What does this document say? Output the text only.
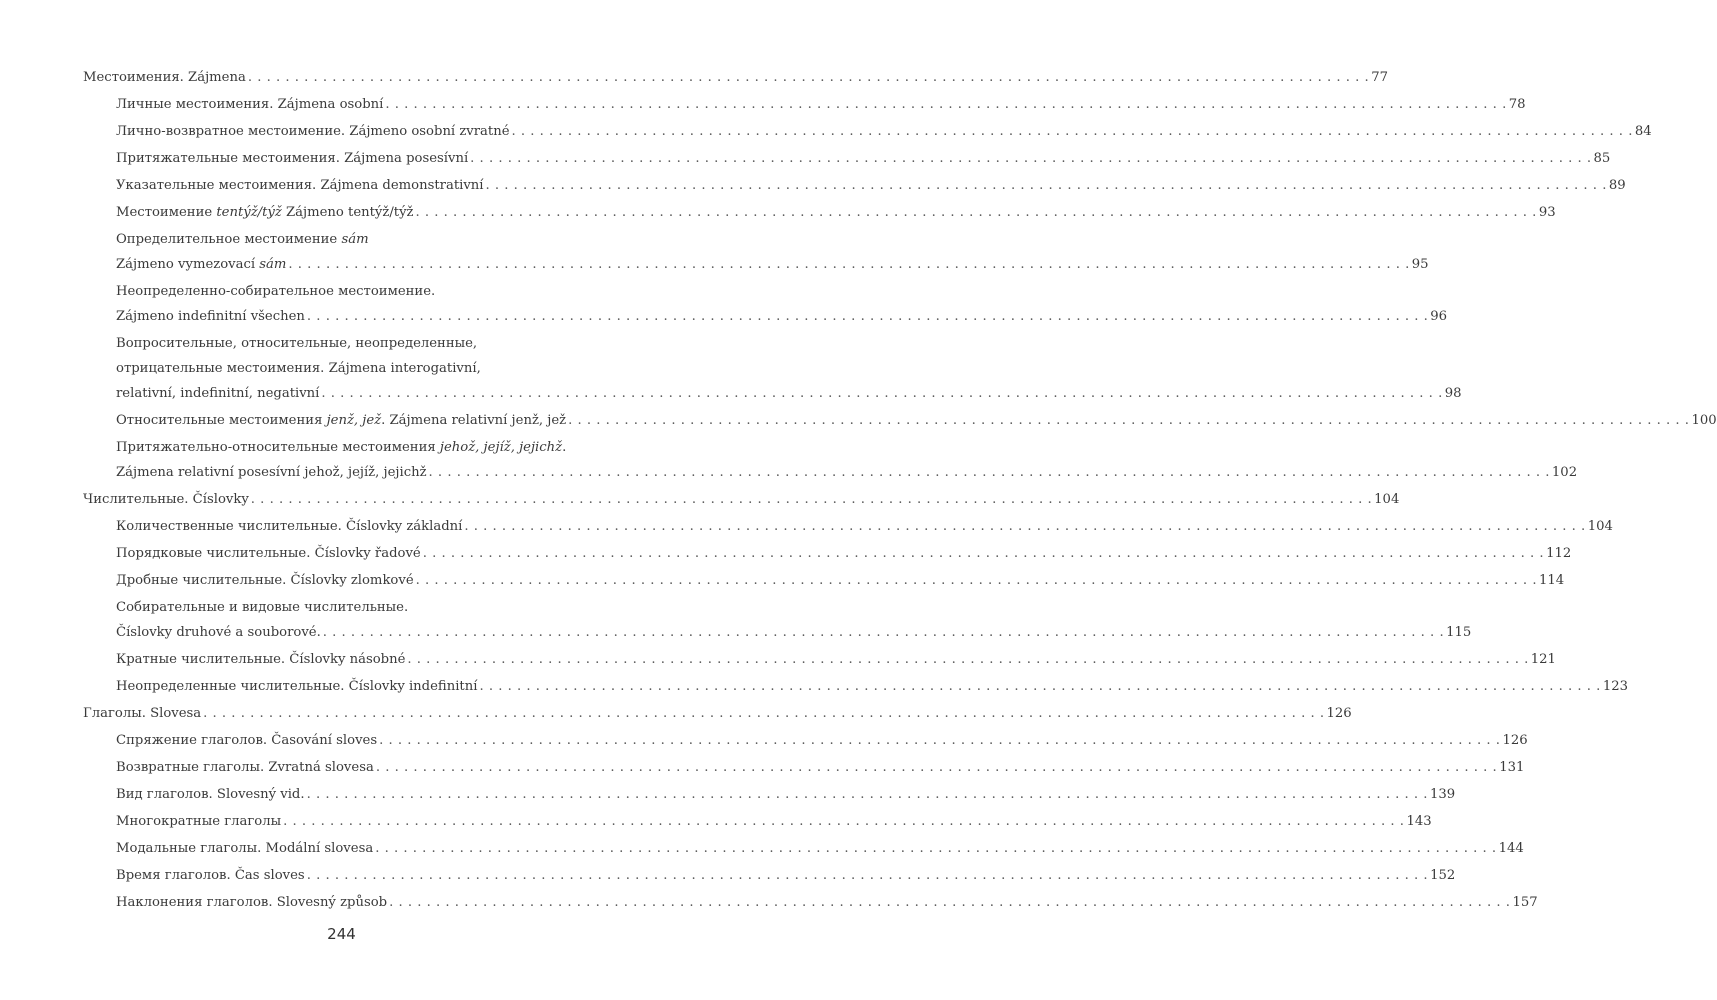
Местоимения. Zájmena . . . . . . . . . . . . . . . . . . . . . . . . . . . . . . . . . . . . . . . . . . . . . . . . . . . . . . . . . . . . . . . . . . . . . . . . . . . . . . . . . . . . . . . . . . . . . . . . . . . . . . . . . . . . . . . . . . . . . . . . 77
Личные местоимения. Zájmena osobní . . . . . . . . . . . . . . . . . . . . . . . . . . . . . . . . . . . . . . . . . . . . . . . . . . . . . . . . . . . . . . . . . . . . . . . . . . . . . . . . . . . . . . . . . . . . . . . . . . . . . . . . . . . . . . . . . . . . . . . . 78
Лично-возвратное местоимение. Zájmeno osobní zvratné . . . . . . . . . . . . . . . . . . . . . . . . . . . . . . . . . . . . . . . . . . . . . . . . . . . . . . . . . . . . . . . . . . . . . . . . . . . . . . . . . . . . . . . . . . . . . . . . . . . . . . . . . . . . . . . . . . . . . . . . 84
Притяжательные местоимения. Zájmena posesívní . . . . . . . . . . . . . . . . . . . . . . . . . . . . . . . . . . . . . . . . . . . . . . . . . . . . . . . . . . . . . . . . . . . . . . . . . . . . . . . . . . . . . . . . . . . . . . . . . . . . . . . . . . . . . . . . . . . . . . . . 85
Указательные местоимения. Zájmena demonstrativní . . . . . . . . . . . . . . . . . . . . . . . . . . . . . . . . . . . . . . . . . . . . . . . . . . . . . . . . . . . . . . . . . . . . . . . . . . . . . . . . . . . . . . . . . . . . . . . . . . . . . . . . . . . . . . . . . . . . . . . . 89
Местоимение tentýž/týž Zájmeno tentýž/týž . . . . . . . . . . . . . . . . . . . . . . . . . . . . . . . . . . . . . . . . . . . . . . . . . . . . . . . . . . . . . . . . . . . . . . . . . . . . . . . . . . . . . . . . . . . . . . . . . . . . . . . . . . . . . . . . . . . . . . . . 93
Определительное местоимение sám
Zájmeno vymezovací sám . . . . . . . . . . . . . . . . . . . . . . . . . . . . . . . . . . . . . . . . . . . . . . . . . . . . . . . . . . . . . . . . . . . . . . . . . . . . . . . . . . . . . . . . . . . . . . . . . . . . . . . . . . . . . . . . . . . . . . . . 95
Неопределенно-собирательное местоимение.
Zájmeno indefinitní všechen . . . . . . . . . . . . . . . . . . . . . . . . . . . . . . . . . . . . . . . . . . . . . . . . . . . . . . . . . . . . . . . . . . . . . . . . . . . . . . . . . . . . . . . . . . . . . . . . . . . . . . . . . . . . . . . . . . . . . . . . 96
Вопросительные, относительные, неопределенные,
отрицательные местоимения. Zájmena interogativní,
relativní, indefinitní, negativní . . . . . . . . . . . . . . . . . . . . . . . . . . . . . . . . . . . . . . . . . . . . . . . . . . . . . . . . . . . . . . . . . . . . . . . . . . . . . . . . . . . . . . . . . . . . . . . . . . . . . . . . . . . . . . . . . . . . . . . . 98
Относительные местоимения jenž, jež. Zájmena relativní jenž, jež . . . . . . . . . . . . . . . . . . . . . . . . . . . . . . . . . . . . . . . . . . . . . . . . . . . . . . . . . . . . . . . . . . . . . . . . . . . . . . . . . . . . . . . . . . . . . . . . . . . . . . . . . . . . . . . . . . . . . . . . 100
Притяжательно-относительные местоимения jehož, jejíž, jejichž.
Zájmena relativní posesívní jehož, jejíž, jejichž . . . . . . . . . . . . . . . . . . . . . . . . . . . . . . . . . . . . . . . . . . . . . . . . . . . . . . . . . . . . . . . . . . . . . . . . . . . . . . . . . . . . . . . . . . . . . . . . . . . . . . . . . . . . . . . . . . . . . . . . 102
Числительные. Číslovky . . . . . . . . . . . . . . . . . . . . . . . . . . . . . . . . . . . . . . . . . . . . . . . . . . . . . . . . . . . . . . . . . . . . . . . . . . . . . . . . . . . . . . . . . . . . . . . . . . . . . . . . . . . . . . . . . . . . . . . . 104
Количественные числительные. Číslovky základní . . . . . . . . . . . . . . . . . . . . . . . . . . . . . . . . . . . . . . . . . . . . . . . . . . . . . . . . . . . . . . . . . . . . . . . . . . . . . . . . . . . . . . . . . . . . . . . . . . . . . . . . . . . . . . . . . . . . . . . . 104
Порядковые числительные. Číslovky řadové . . . . . . . . . . . . . . . . . . . . . . . . . . . . . . . . . . . . . . . . . . . . . . . . . . . . . . . . . . . . . . . . . . . . . . . . . . . . . . . . . . . . . . . . . . . . . . . . . . . . . . . . . . . . . . . . . . . . . . . . 112
Дробные числительные. Číslovky zlomkové . . . . . . . . . . . . . . . . . . . . . . . . . . . . . . . . . . . . . . . . . . . . . . . . . . . . . . . . . . . . . . . . . . . . . . . . . . . . . . . . . . . . . . . . . . . . . . . . . . . . . . . . . . . . . . . . . . . . . . . . 114
Собирательные и видовые числительные.
Číslovky druhové a souborové. . . . . . . . . . . . . . . . . . . . . . . . . . . . . . . . . . . . . . . . . . . . . . . . . . . . . . . . . . . . . . . . . . . . . . . . . . . . . . . . . . . . . . . . . . . . . . . . . . . . . . . . . . . . . . . . . . . . . . . . . 115
Кратные числительные. Číslovky násobné . . . . . . . . . . . . . . . . . . . . . . . . . . . . . . . . . . . . . . . . . . . . . . . . . . . . . . . . . . . . . . . . . . . . . . . . . . . . . . . . . . . . . . . . . . . . . . . . . . . . . . . . . . . . . . . . . . . . . . . . 121
Неопределенные числительные. Číslovky indefinitní . . . . . . . . . . . . . . . . . . . . . . . . . . . . . . . . . . . . . . . . . . . . . . . . . . . . . . . . . . . . . . . . . . . . . . . . . . . . . . . . . . . . . . . . . . . . . . . . . . . . . . . . . . . . . . . . . . . . . . . . 123
Глаголы. Slovesa . . . . . . . . . . . . . . . . . . . . . . . . . . . . . . . . . . . . . . . . . . . . . . . . . . . . . . . . . . . . . . . . . . . . . . . . . . . . . . . . . . . . . . . . . . . . . . . . . . . . . . . . . . . . . . . . . . . . . . . . 126
Спряжение глаголов. Časování sloves . . . . . . . . . . . . . . . . . . . . . . . . . . . . . . . . . . . . . . . . . . . . . . . . . . . . . . . . . . . . . . . . . . . . . . . . . . . . . . . . . . . . . . . . . . . . . . . . . . . . . . . . . . . . . . . . . . . . . . . . 126
Возвратные глаголы. Zvratná slovesa . . . . . . . . . . . . . . . . . . . . . . . . . . . . . . . . . . . . . . . . . . . . . . . . . . . . . . . . . . . . . . . . . . . . . . . . . . . . . . . . . . . . . . . . . . . . . . . . . . . . . . . . . . . . . . . . . . . . . . . . 131
Вид глаголов. Slovesný vid. . . . . . . . . . . . . . . . . . . . . . . . . . . . . . . . . . . . . . . . . . . . . . . . . . . . . . . . . . . . . . . . . . . . . . . . . . . . . . . . . . . . . . . . . . . . . . . . . . . . . . . . . . . . . . . . . . . . . . . . . 139
Многократные глаголы . . . . . . . . . . . . . . . . . . . . . . . . . . . . . . . . . . . . . . . . . . . . . . . . . . . . . . . . . . . . . . . . . . . . . . . . . . . . . . . . . . . . . . . . . . . . . . . . . . . . . . . . . . . . . . . . . . . . . . . . 143
Модальные глаголы. Modální slovesa . . . . . . . . . . . . . . . . . . . . . . . . . . . . . . . . . . . . . . . . . . . . . . . . . . . . . . . . . . . . . . . . . . . . . . . . . . . . . . . . . . . . . . . . . . . . . . . . . . . . . . . . . . . . . . . . . . . . . . . . 144
Время глаголов. Čas sloves . . . . . . . . . . . . . . . . . . . . . . . . . . . . . . . . . . . . . . . . . . . . . . . . . . . . . . . . . . . . . . . . . . . . . . . . . . . . . . . . . . . . . . . . . . . . . . . . . . . . . . . . . . . . . . . . . . . . . . . . 152
Наклонения глаголов. Slovesný způsob . . . . . . . . . . . . . . . . . . . . . . . . . . . . . . . . . . . . . . . . . . . . . . . . . . . . . . . . . . . . . . . . . . . . . . . . . . . . . . . . . . . . . . . . . . . . . . . . . . . . . . . . . . . . . . . . . . . . . . . . 157
244
